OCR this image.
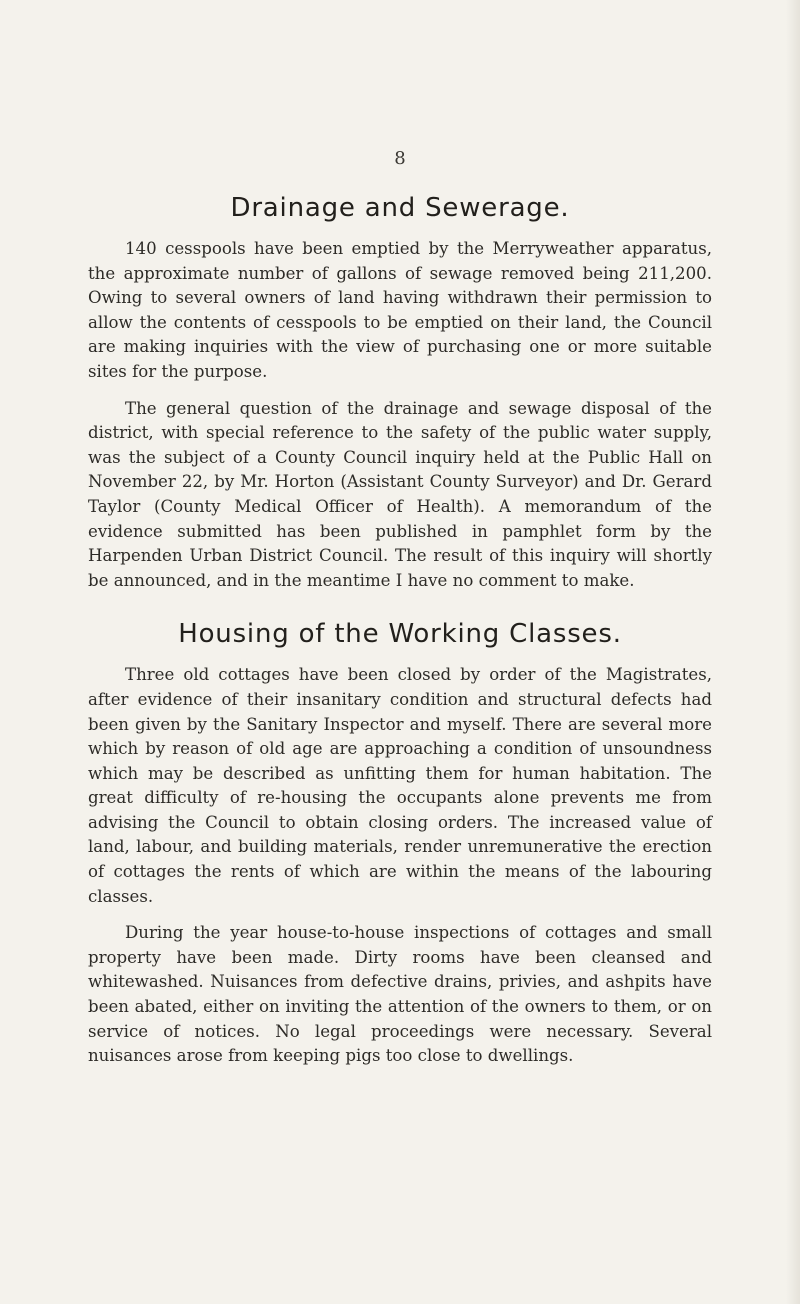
8
Drainage and Sewerage.

140 cesspools have been emptied by the Merryweather apparatus, the approximate number of gallons of sewage removed being 211,200. Owing to several owners of land having withdrawn their permission to allow the contents of cesspools to be emptied on their land, the Council are making inquiries with the view of purchasing one or more suitable sites for the purpose.

The general question of the drainage and sewage disposal of the district, with special reference to the safety of the public water supply, was the subject of a County Council inquiry held at the Public Hall on November 22, by Mr. Horton (Assistant County Surveyor) and Dr. Gerard Taylor (County Medical Officer of Health). A memorandum of the evidence submitted has been published in pamphlet form by the Harpenden Urban District Council. The result of this inquiry will shortly be announced, and in the meantime I have no comment to make.

Housing of the Working Classes.

Three old cottages have been closed by order of the Magistrates, after evidence of their insanitary condition and structural defects had been given by the Sanitary Inspector and myself. There are several more which by reason of old age are approaching a condition of unsoundness which may be described as unfitting them for human habitation. The great difficulty of re-housing the occupants alone prevents me from advising the Council to obtain closing orders. The increased value of land, labour, and building materials, render unremunerative the erection of cottages the rents of which are within the means of the labouring classes.

During the year house-to-house inspections of cottages and small property have been made. Dirty rooms have been cleansed and whitewashed. Nuisances from defective drains, privies, and ashpits have been abated, either on inviting the attention of the owners to them, or on service of notices. No legal proceedings were necessary. Several nuisances arose from keeping pigs too close to dwellings.
